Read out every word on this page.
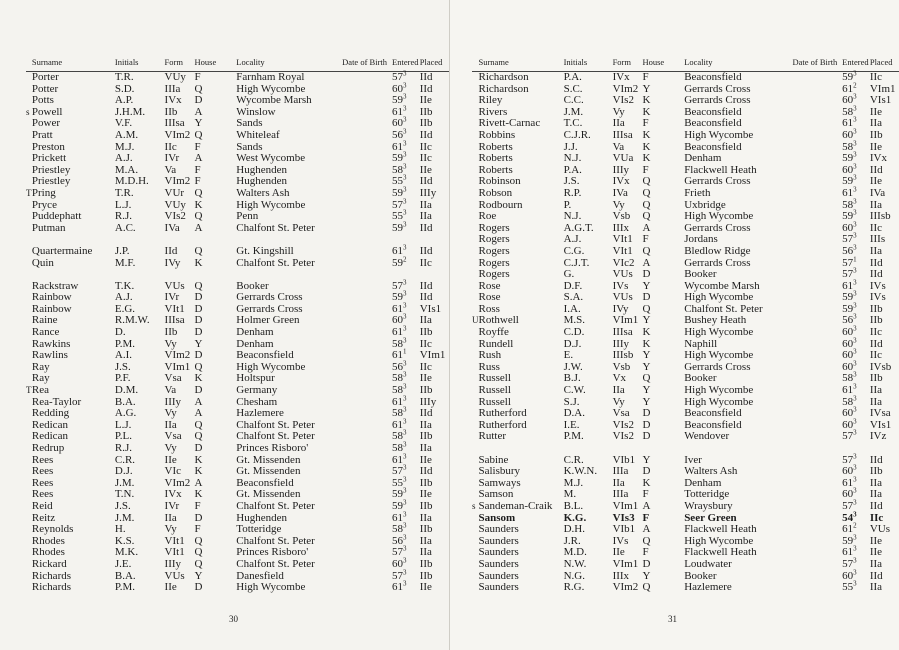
	Surname	Initials	Form	House	Locality	Date of Birth	Entered	Placed
	Porter	T.R.	VUy	F	Farnham Royal		$57^3$	IId
	Potter	S.D.	IIIa	Q	High Wycombe		$60^3$	IId
	Potts	A.P.	IVx	D	Wycombe Marsh		$59^3$	IIe
s	Powell	J.H.M.	IIb	A	Winslow		$61^3$	IIb
	Power	V.F.	IIIsa	Y	Sands		$60^3$	IIb
	Pratt	A.M.	VIm2	Q	Whiteleaf		$56^3$	IId
	Preston	M.J.	IIc	F	Sands		$61^3$	IIc
	Prickett	A.J.	IVr	A	West Wycombe		$59^3$	IIc
	Priestley	M.A.	Va	F	Hughenden		$58^3$	IIe
	Priestley	M.D.H.	VIm2	F	Hughenden		$55^3$	IId
T	Pring	T.R.	VUr	Q	Walters Ash		$59^3$	IIIy
	Pryce	L.J.	VUy	K	High Wycombe		$57^3$	IIa
	Puddephatt	R.J.	VIs2	Q	Penn		$55^3$	IIa
	Putman	A.C.	IVa	A	Chalfont St. Peter		$59^3$	IId

	Quartermaine	J.P.	IId	Q	Gt. Kingshill		$61^3$	IId
	Quin	M.F.	IVy	K	Chalfont St. Peter		$59^2$	IIc

	Rackstraw	T.K.	VUs	Q	Booker		$57^3$	IId
	Rainbow	A.J.	IVr	D	Gerrards Cross		$59^3$	IId
	Rainbow	E.G.	VIt1	D	Gerrards Cross		$61^3$	VIs1
	Raine	R.M.W.	IIIsa	D	Holmer Green		$60^3$	IIa
	Rance	D.	IIb	D	Denham		$61^3$	IIb
	Rawkins	P.M.	Vy	Y	Denham		$58^3$	IIc
	Rawlins	A.I.	VIm2	D	Beaconsfield		$61^1$	VIm1
	Ray	J.S.	VIm1	Q	High Wycombe		$56^3$	IIc
	Ray	P.F.	Vsa	K	Holtspur		$58^3$	IIe
T	Rea	D.M.	Va	D	Germany		$58^3$	IIb
	Rea-Taylor	B.A.	IIIy	A	Chesham		$61^3$	IIIy
	Redding	A.G.	Vy	A	Hazlemere		$58^3$	IId
	Redican	L.J.	IIa	Q	Chalfont St. Peter		$61^3$	IIa
	Redican	P.L.	Vsa	Q	Chalfont St. Peter		$58^3$	IIb
	Redrup	R.J.	Vy	D	Princes Risboro'		$58^3$	IIa
	Rees	C.R.	IIe	K	Gt. Missenden		$61^3$	IIe
	Rees	D.J.	VIc	K	Gt. Missenden		$57^3$	IId
	Rees	J.M.	VIm2	A	Beaconsfield		$55^3$	IIb
	Rees	T.N.	IVx	K	Gt. Missenden		$59^3$	IIe
	Reid	J.S.	IVr	F	Chalfont St. Peter		$59^3$	IIb
	Reitz	J.M.	IIa	D	Hughenden		$61^3$	IIa
	Reynolds	H.	Vy	F	Totteridge		$58^3$	IIb
	Rhodes	K.S.	VIt1	Q	Chalfont St. Peter		$56^3$	IIa
	Rhodes	M.K.	VIt1	Q	Princes Risboro'		$57^3$	IIa
	Rickard	J.E.	IIIy	Q	Chalfont St. Peter		$60^3$	IIb
	Richards	B.A.	VUs	Y	Danesfield		$57^3$	IIb
	Richards	P.M.	IIe	D	High Wycombe		$61^3$	IIe
30
	Surname	Initials	Form	House	Locality	Date of Birth	Entered	Placed
	Richardson	P.A.	IVx	F	Beaconsfield		$59^3$	IIc
	Richardson	S.C.	VIm2	Y	Gerrards Cross		$61^2$	VIm1
	Riley	C.C.	VIs2	K	Gerrards Cross		$60^3$	VIs1
	Rivers	J.M.	Vy	K	Beaconsfield		$58^3$	IIe
	Rivett-Carnac	T.C.	IIa	F	Beaconsfield		$61^3$	IIa
	Robbins	C.J.R.	IIIsa	K	High Wycombe		$60^3$	IIb
	Roberts	J.J.	Va	K	Beaconsfield		$58^3$	IIe
	Roberts	N.J.	VUa	K	Denham		$59^3$	IVx
	Roberts	P.A.	IIIy	F	Flackwell Heath		$60^3$	IId
	Robinson	J.S.	IVx	Q	Gerrards Cross		$59^3$	IIe
	Robson	R.P.	IVa	Q	Frieth		$61^3$	IVa
	Rodbourn	P.	Vy	Q	Uxbridge		$58^3$	IIa
	Roe	N.J.	Vsb	Q	High Wycombe		$59^3$	IIIsb
	Rogers	A.G.T.	IIIx	A	Gerrards Cross		$60^3$	IIc
	Rogers	A.J.	VIt1	F	Jordans		$57^3$	IIIs
	Rogers	C.G.	VIt1	Q	Bledlow Ridge		$56^3$	IIa
	Rogers	C.J.T.	VIc2	A	Gerrards Cross		$57^1$	IId
	Rogers	G.	VUs	D	Booker		$57^3$	IId
	Rose	D.F.	IVs	Y	Wycombe Marsh		$61^3$	IVs
	Rose	S.A.	VUs	D	High Wycombe		$59^3$	IVs
	Ross	I.A.	IVy	Q	Chalfont St. Peter		$59^3$	IIb
U	Rothwell	M.S.	VIm1	Y	Bushey Heath		$56^3$	IIb
	Royffe	C.D.	IIIsa	K	High Wycombe		$60^3$	IIc
	Rundell	D.J.	IIIy	K	Naphill		$60^3$	IId
	Rush	E.	IIIsb	Y	High Wycombe		$60^3$	IIc
	Russ	J.W.	Vsb	Y	Gerrards Cross		$60^3$	IVsb
	Russell	B.J.	Vx	Q	Booker		$58^3$	IIb
	Russell	C.W.	IIa	Y	High Wycombe		$61^3$	IIa
	Russell	S.J.	Vy	Y	High Wycombe		$58^3$	IIa
	Rutherford	D.A.	Vsa	D	Beaconsfield		$60^3$	IVsa
	Rutherford	I.E.	VIs2	D	Beaconsfield		$60^3$	VIs1
	Rutter	P.M.	VIs2	D	Wendover		$57^3$	IVz

	Sabine	C.R.	VIb1	Y	Iver		$57^3$	IId
	Salisbury	K.W.N.	IIIa	D	Walters Ash		$60^3$	IIb
	Samways	M.J.	IIa	K	Denham		$61^3$	IIa
	Samson	M.	IIIa	F	Totteridge		$60^3$	IIa
s	Sandeman-Craik	B.L.	VIm1	A	Wraysbury		$57^3$	IId
	Sansom	K.G.	VIs3	F	Seer Green		$54^3$	IIc
	Saunders	D.H.	VIb1	A	Flackwell Heath		$61^2$	VUs
	Saunders	J.R.	IVs	Q	High Wycombe		$59^3$	IIe
	Saunders	M.D.	IIe	F	Flackwell Heath		$61^3$	IIe
	Saunders	N.W.	VIm1	D	Loudwater		$57^3$	IIa
	Saunders	N.G.	IIIx	Y	Booker		$60^3$	IId
	Saunders	R.G.	VIm2	Q	Hazlemere		$55^3$	IIa
31
